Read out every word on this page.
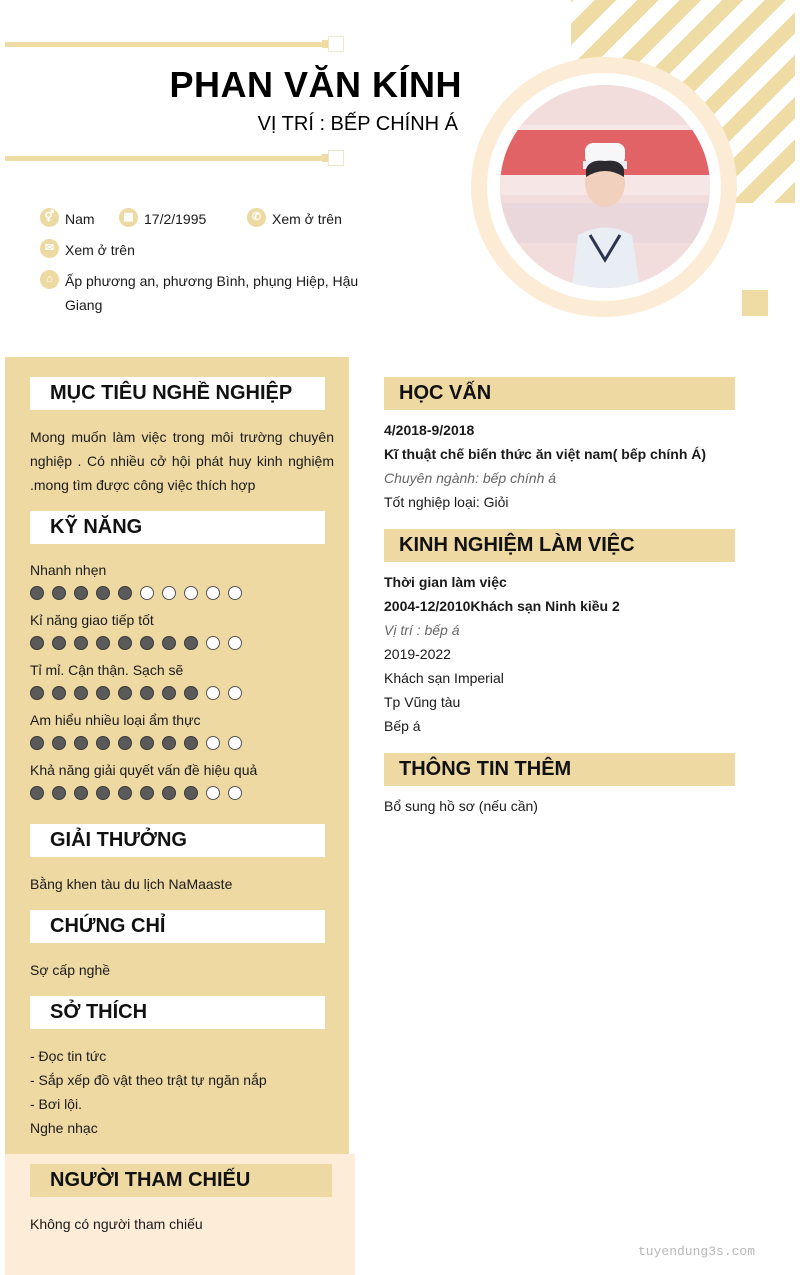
PHAN VĂN KÍNH
VỊ TRÍ : BẾP CHÍNH Á
⚥ Nam	▦ 17/2/1995	✆ Xem ở trên
✉ Xem ở trên
⌂ Ấp phương an, phương Bình, phụng Hiệp, Hậu Giang
MỤC TIÊU NGHỀ NGHIỆP
Mong muốn làm việc trong môi trường chuyên nghiệp . Có nhiều cở hội phát huy kinh nghiệm .mong tìm được công việc thích hợp
KỸ NĂNG
Nhanh nhẹn
Kỉ năng giao tiếp tốt
Tỉ mỉ. Cận thận. Sạch sẽ
Am hiểu nhiều loại ẩm thực
Khả năng giải quyết vấn đề hiệu quả
GIẢI THƯỞNG
Bằng khen tàu du lịch NaMaaste
CHỨNG CHỈ
Sợ cấp nghề
SỞ THÍCH
- Đọc tin tức
- Sắp xếp đồ vật theo trật tự ngăn nắp
- Bơi lội.
Nghe nhạc
NGƯỜI THAM CHIẾU
Không có người tham chiếu
HỌC VẤN
4/2018-9/2018
Kĩ thuật chế biến thức ăn việt nam( bếp chính Á)
Chuyên ngành: bếp chính á
Tốt nghiệp loại: Giỏi
KINH NGHIỆM LÀM VIỆC
Thời gian làm việc
2004-12/2010Khách sạn Ninh kiều 2
Vị trí : bếp á
2019-2022
Khách sạn Imperial
Tp Vũng tàu
Bếp á
THÔNG TIN THÊM
Bổ sung hồ sơ (nếu cần)
tuyendung3s.com
